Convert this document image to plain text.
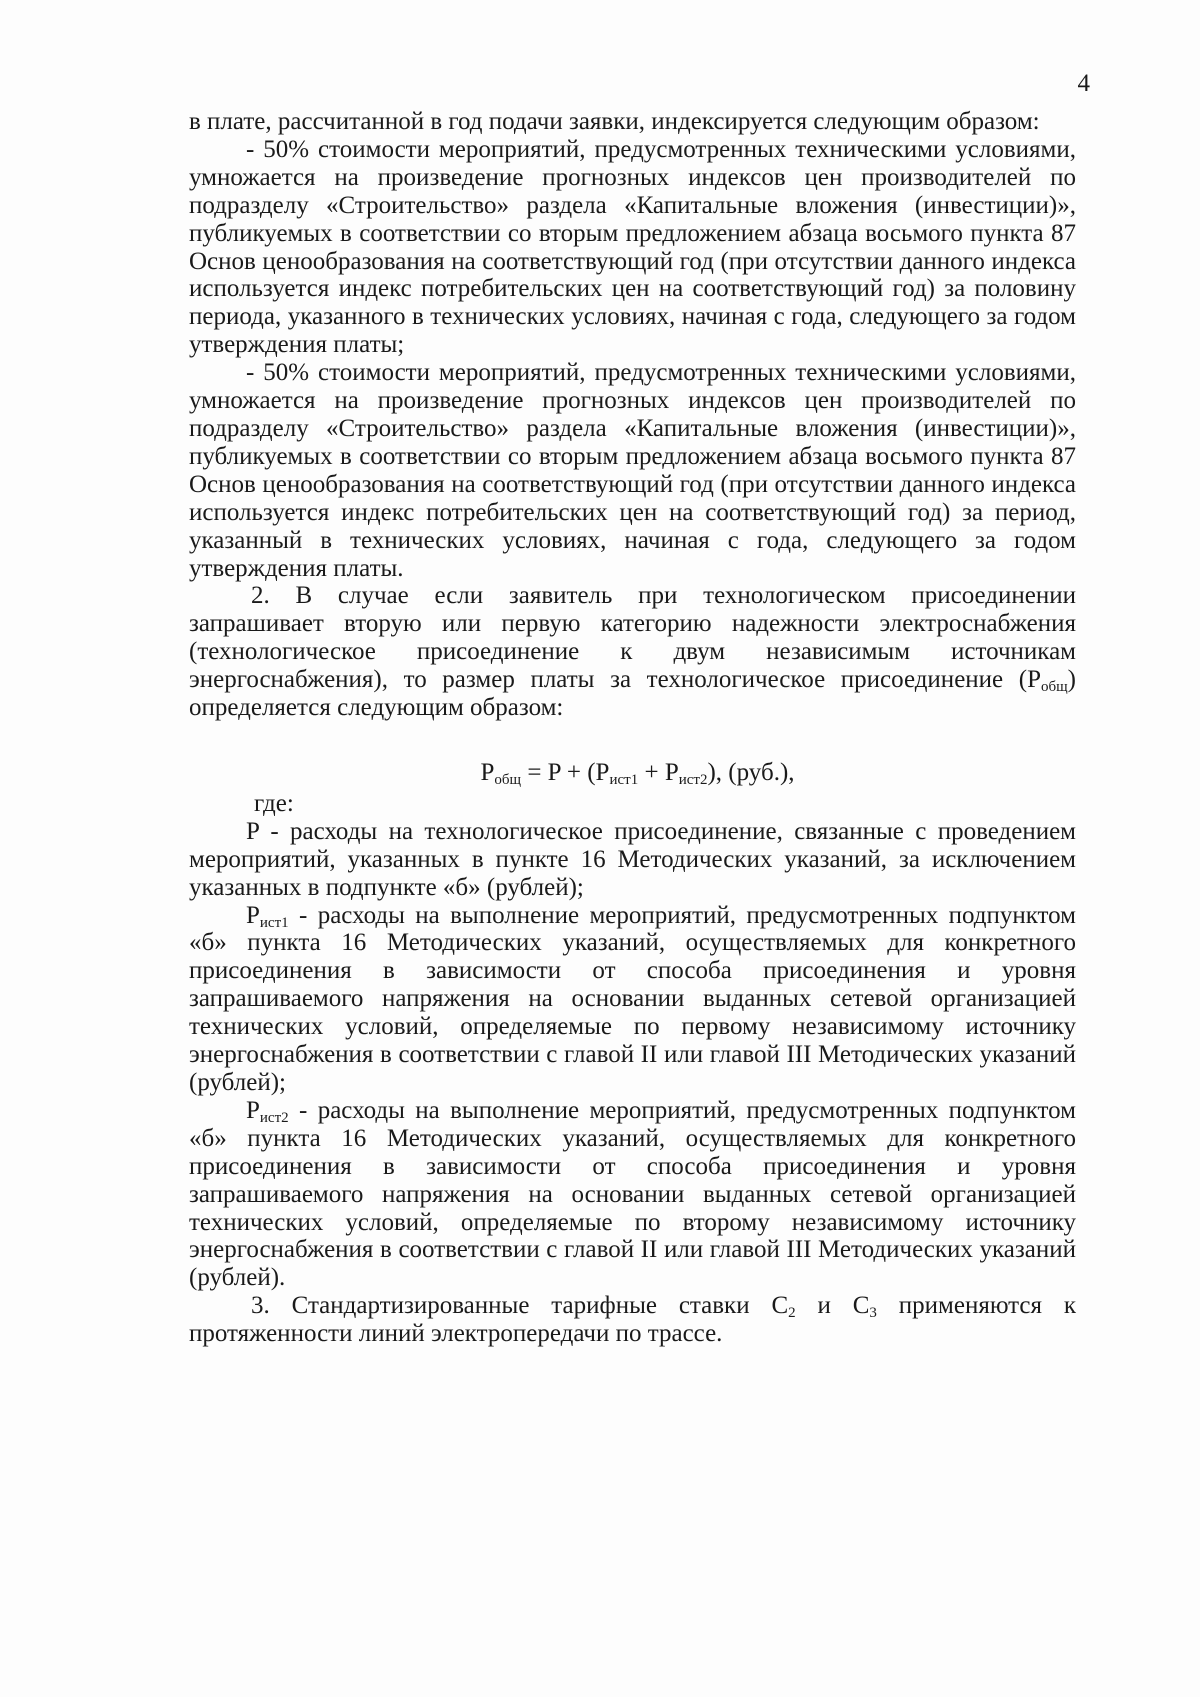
4

в плате, рассчитанной в год подачи заявки, индексируется следующим образом:

- 50% стоимости мероприятий, предусмотренных техническими условиями, умножается на произведение прогнозных индексов цен производителей по подразделу «Строительство» раздела «Капитальные вложения (инвестиции)», публикуемых в соответствии со вторым предложением абзаца восьмого пункта 87 Основ ценообразования на соответствующий год (при отсутствии данного индекса используется индекс потребительских цен на соответствующий год) за половину периода, указанного в технических условиях, начиная с года, следующего за годом утверждения платы;

- 50% стоимости мероприятий, предусмотренных техническими условиями, умножается на произведение прогнозных индексов цен производителей по подразделу «Строительство» раздела «Капитальные вложения (инвестиции)», публикуемых в соответствии со вторым предложением абзаца восьмого пункта 87 Основ ценообразования на соответствующий год (при отсутствии данного индекса используется индекс потребительских цен на соответствующий год) за период, указанный в технических условиях, начиная с года, следующего за годом утверждения платы.

2. В случае если заявитель при технологическом присоединении запрашивает вторую или первую категорию надежности электроснабжения (технологическое присоединение к двум независимым источникам энергоснабжения), то размер платы за технологическое присоединение $(P_{общ})$ определяется следующим образом:

$P_{общ} = P + (P_{ист1} + P_{ист2})$, (руб.),

где:

P - расходы на технологическое присоединение, связанные с проведением мероприятий, указанных в пункте 16 Методических указаний, за исключением указанных в подпункте «б» (рублей);

$P_{ист1}$ - расходы на выполнение мероприятий, предусмотренных подпунктом «б» пункта 16 Методических указаний, осуществляемых для конкретного присоединения в зависимости от способа присоединения и уровня запрашиваемого напряжения на основании выданных сетевой организацией технических условий, определяемые по первому независимому источнику энергоснабжения в соответствии с главой II или главой III Методических указаний (рублей);

$P_{ист2}$ - расходы на выполнение мероприятий, предусмотренных подпунктом «б» пункта 16 Методических указаний, осуществляемых для конкретного присоединения в зависимости от способа присоединения и уровня запрашиваемого напряжения на основании выданных сетевой организацией технических условий, определяемые по второму независимому источнику энергоснабжения в соответствии с главой II или главой III Методических указаний (рублей).

3. Стандартизированные тарифные ставки $C_2$ и $C_3$ применяются к протяженности линий электропередачи по трассе.
